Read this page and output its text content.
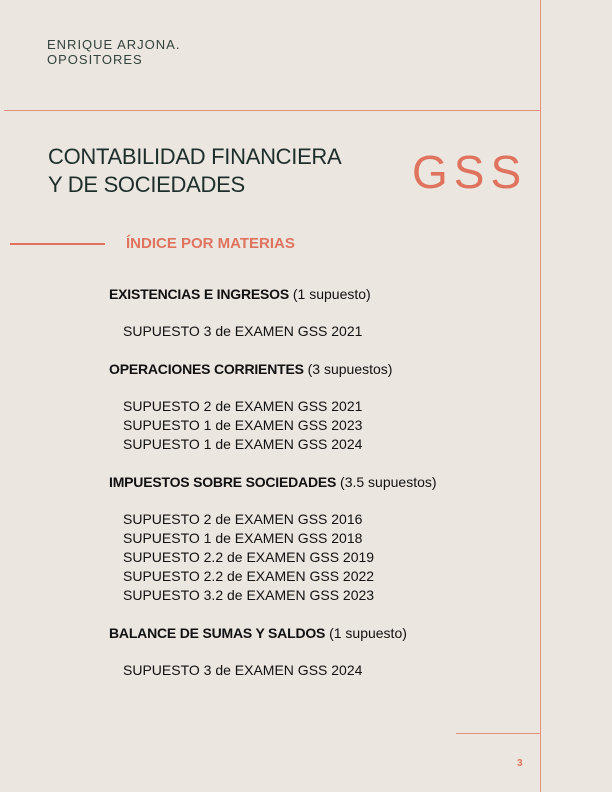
ENRIQUE ARJONA.
OPOSITORES
CONTABILIDAD FINANCIERA
Y DE SOCIEDADES	GSS
ÍNDICE POR MATERIAS
EXISTENCIAS E INGRESOS (1 supuesto)
SUPUESTO 3 de EXAMEN GSS 2021
OPERACIONES CORRIENTES (3 supuestos)
SUPUESTO 2 de EXAMEN GSS 2021
SUPUESTO 1 de EXAMEN GSS 2023
SUPUESTO 1 de EXAMEN GSS 2024
IMPUESTOS SOBRE SOCIEDADES (3.5 supuestos)
SUPUESTO 2 de EXAMEN GSS 2016
SUPUESTO 1 de EXAMEN GSS 2018
SUPUESTO 2.2 de EXAMEN GSS 2019
SUPUESTO 2.2 de EXAMEN GSS 2022
SUPUESTO 3.2 de EXAMEN GSS 2023
BALANCE DE SUMAS Y SALDOS (1 supuesto)
SUPUESTO 3 de EXAMEN GSS 2024
3
